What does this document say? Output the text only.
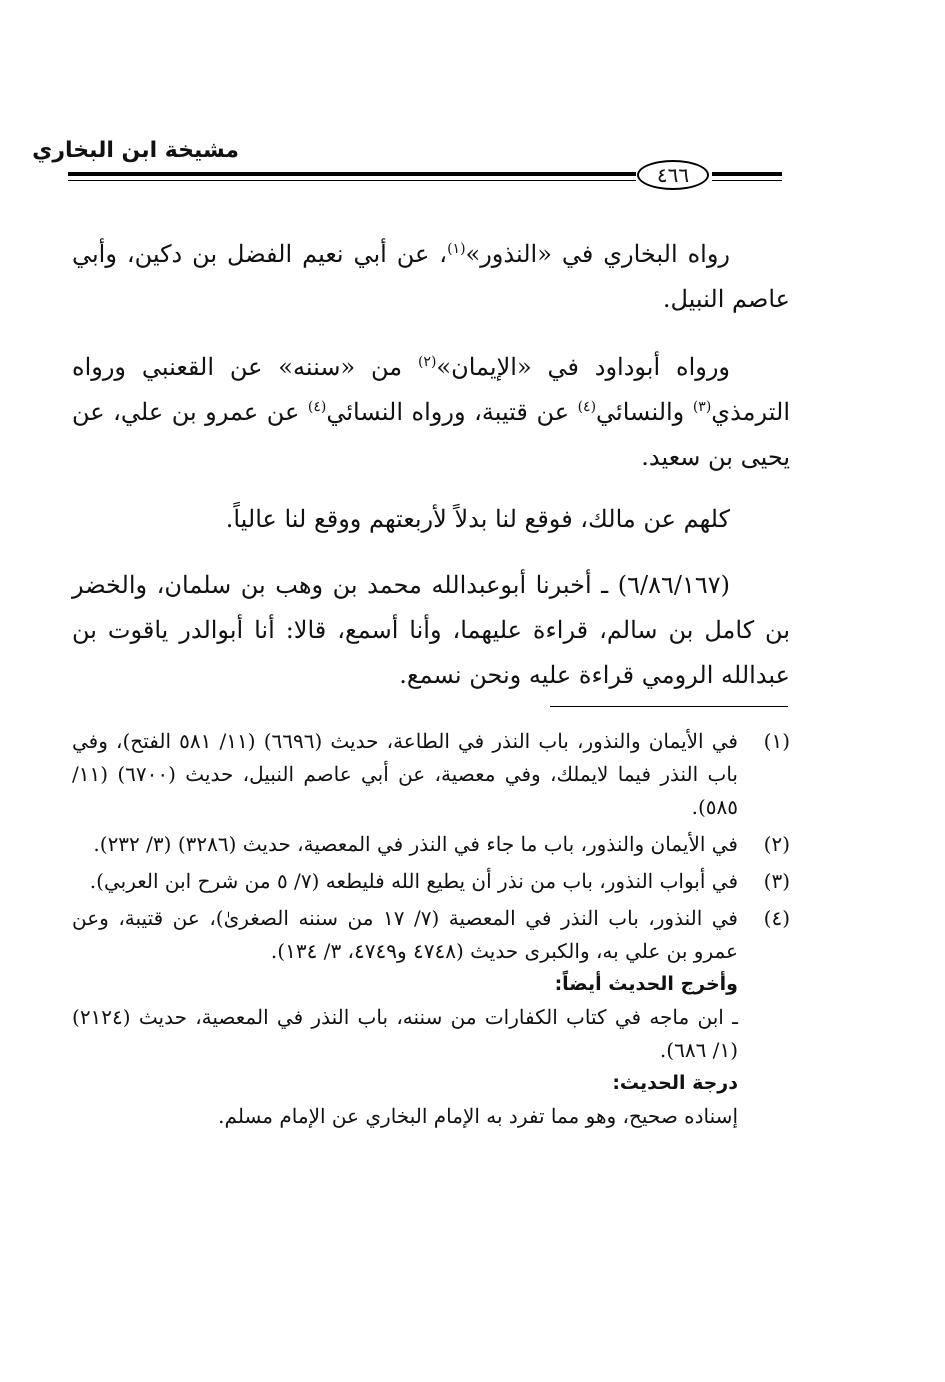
مشيخة ابن البخاري
٤٦٦
رواه البخاري في «النذور»$^{(١)}$، عن أبي نعيم الفضل بن دكين، وأبي عاصم النبيل.
ورواه أبوداود في «الإيمان»$^{(٢)}$ من «سننه» عن القعنبي ورواه الترمذي$^{(٣)}$ والنسائي$^{(٤)}$ عن قتيبة، ورواه النسائي$^{(٤)}$ عن عمرو بن علي، عن يحيى بن سعيد.
كلهم عن مالك، فوقع لنا بدلاً لأربعتهم ووقع لنا عالياً.
(٦/٨٦/١٦٧) ـ أخبرنا أبوعبدالله محمد بن وهب بن سلمان، والخضر بن كامل بن سالم، قراءة عليهما، وأنا أسمع، قالا: أنا أبوالدر ياقوت بن عبدالله الرومي قراءة عليه ونحن نسمع.
(١)
في الأيمان والنذور، باب النذر في الطاعة، حديث (٦٦٩٦) (١١/ ٥٨١ الفتح)، وفي باب النذر فيما لايملك، وفي معصية، عن أبي عاصم النبيل، حديث (٦٧٠٠) (١١/ ٥٨٥).
(٢)
في الأيمان والنذور، باب ما جاء في النذر في المعصية، حديث (٣٢٨٦) (٣/ ٢٣٢).
(٣)
في أبواب النذور، باب من نذر أن يطيع الله فليطعه (٧/ ٥ من شرح ابن العربي).
(٤)
في النذور، باب النذر في المعصية (٧/ ١٧ من سننه الصغرىٰ)، عن قتيبة، وعن عمرو بن علي به، والكبرى حديث (٤٧٤٨ و٤٧٤٩، ٣/ ١٣٤).
وأخرج الحديث أيضاً:
ـ ابن ماجه في كتاب الكفارات من سننه، باب النذر في المعصية، حديث (٢١٢٤) (١/ ٦٨٦).
درجة الحديث:
إسناده صحيح، وهو مما تفرد به الإمام البخاري عن الإمام مسلم.
